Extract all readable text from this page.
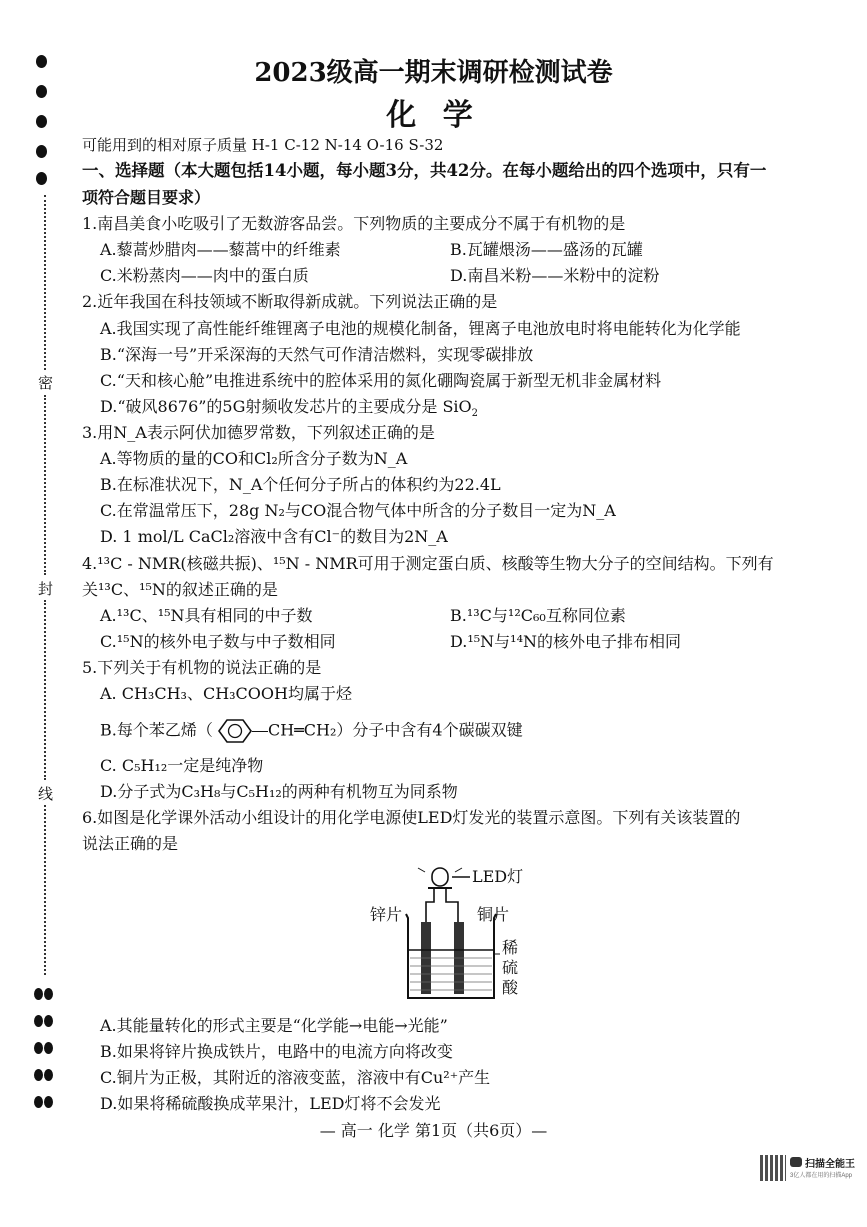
密
封
线
2023级高一期末调研检测试卷
化 学
可能用到的相对原子质量 H-1 C-12 N-14 O-16 S-32
一、选择题（本大题包括14小题，每小题3分，共42分。在每小题给出的四个选项中，只有一
项符合题目要求）
1.南昌美食小吃吸引了无数游客品尝。下列物质的主要成分不属于有机物的是
A.藜蒿炒腊肉——藜蒿中的纤维素	B.瓦罐煨汤——盛汤的瓦罐
C.米粉蒸肉——肉中的蛋白质	D.南昌米粉——米粉中的淀粉
2.近年我国在科技领域不断取得新成就。下列说法正确的是
A.我国实现了高性能纤维锂离子电池的规模化制备，锂离子电池放电时将电能转化为化学能
B.“深海一号”开采深海的天然气可作清洁燃料，实现零碳排放
C.“天和核心舱”电推进系统中的腔体采用的氮化硼陶瓷属于新型无机非金属材料
D.“破风8676”的5G射频收发芯片的主要成分是 SiO$_2$
3.用N_A表示阿伏加德罗常数，下列叙述正确的是
A.等物质的量的CO和Cl₂所含分子数为N_A
B.在标准状况下，N_A个任何分子所占的体积约为22.4L
C.在常温常压下，28g N₂与CO混合物气体中所含的分子数目一定为N_A
D. 1 mol/L CaCl₂溶液中含有Cl⁻的数目为2N_A
4.¹³C - NMR(核磁共振)、¹⁵N - NMR可用于测定蛋白质、核酸等生物大分子的空间结构。下列有
关¹³C、¹⁵N的叙述正确的是
A.¹³C、¹⁵N具有相同的中子数	B.¹³C与¹²C₆₀互称同位素
C.¹⁵N的核外电子数与中子数相同	D.¹⁵N与¹⁴N的核外电子排布相同
5.下列关于有机物的说法正确的是
A. CH₃CH₃、CH₃COOH均属于烃
B.每个苯乙烯（	CH═CH₂）分子中含有4个碳碳双键
C. C₅H₁₂一定是纯净物
D.分子式为C₃H₈与C₅H₁₂的两种有机物互为同系物
6.如图是化学课外活动小组设计的用化学电源使LED灯发光的装置示意图。下列有关该装置的
说法正确的是
LED灯
锌片	铜片
稀
硫
酸
A.其能量转化的形式主要是“化学能→电能→光能”
B.如果将锌片换成铁片，电路中的电流方向将改变
C.铜片为正极，其附近的溶液变蓝，溶液中有Cu²⁺产生
D.如果将稀硫酸换成苹果汁，LED灯将不会发光
— 高一 化学 第1页（共6页）—
扫描全能王
3亿人都在用的扫描App
